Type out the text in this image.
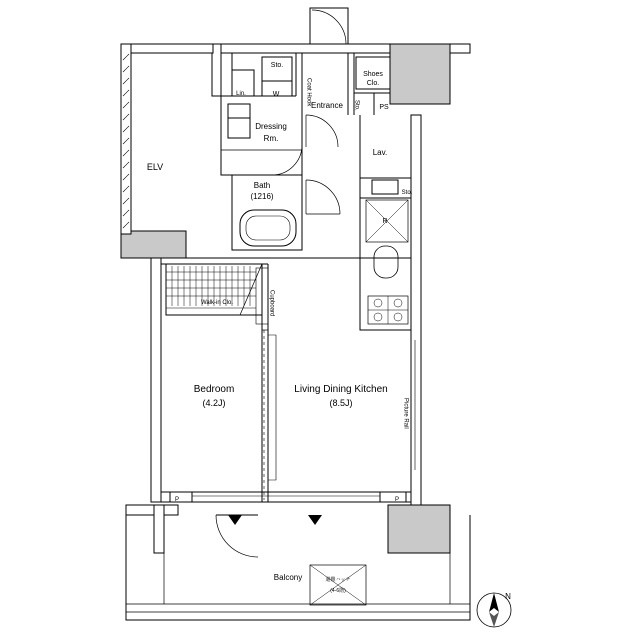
Bedroom
(4.2J)
Living Dining Kitchen
(8.5J)
ELV
Sto.
Coat Hook
Shoes
Clo.
Sto.	PS
Lin.	W
Entrance
Dressing
Rm.
Lav.
Bath
(1216)	Sto.
R
Walk-in Clo.	Cupboard
Picture Rail
P	P
Balcony	避難ハッチ
(4-6階)
N
